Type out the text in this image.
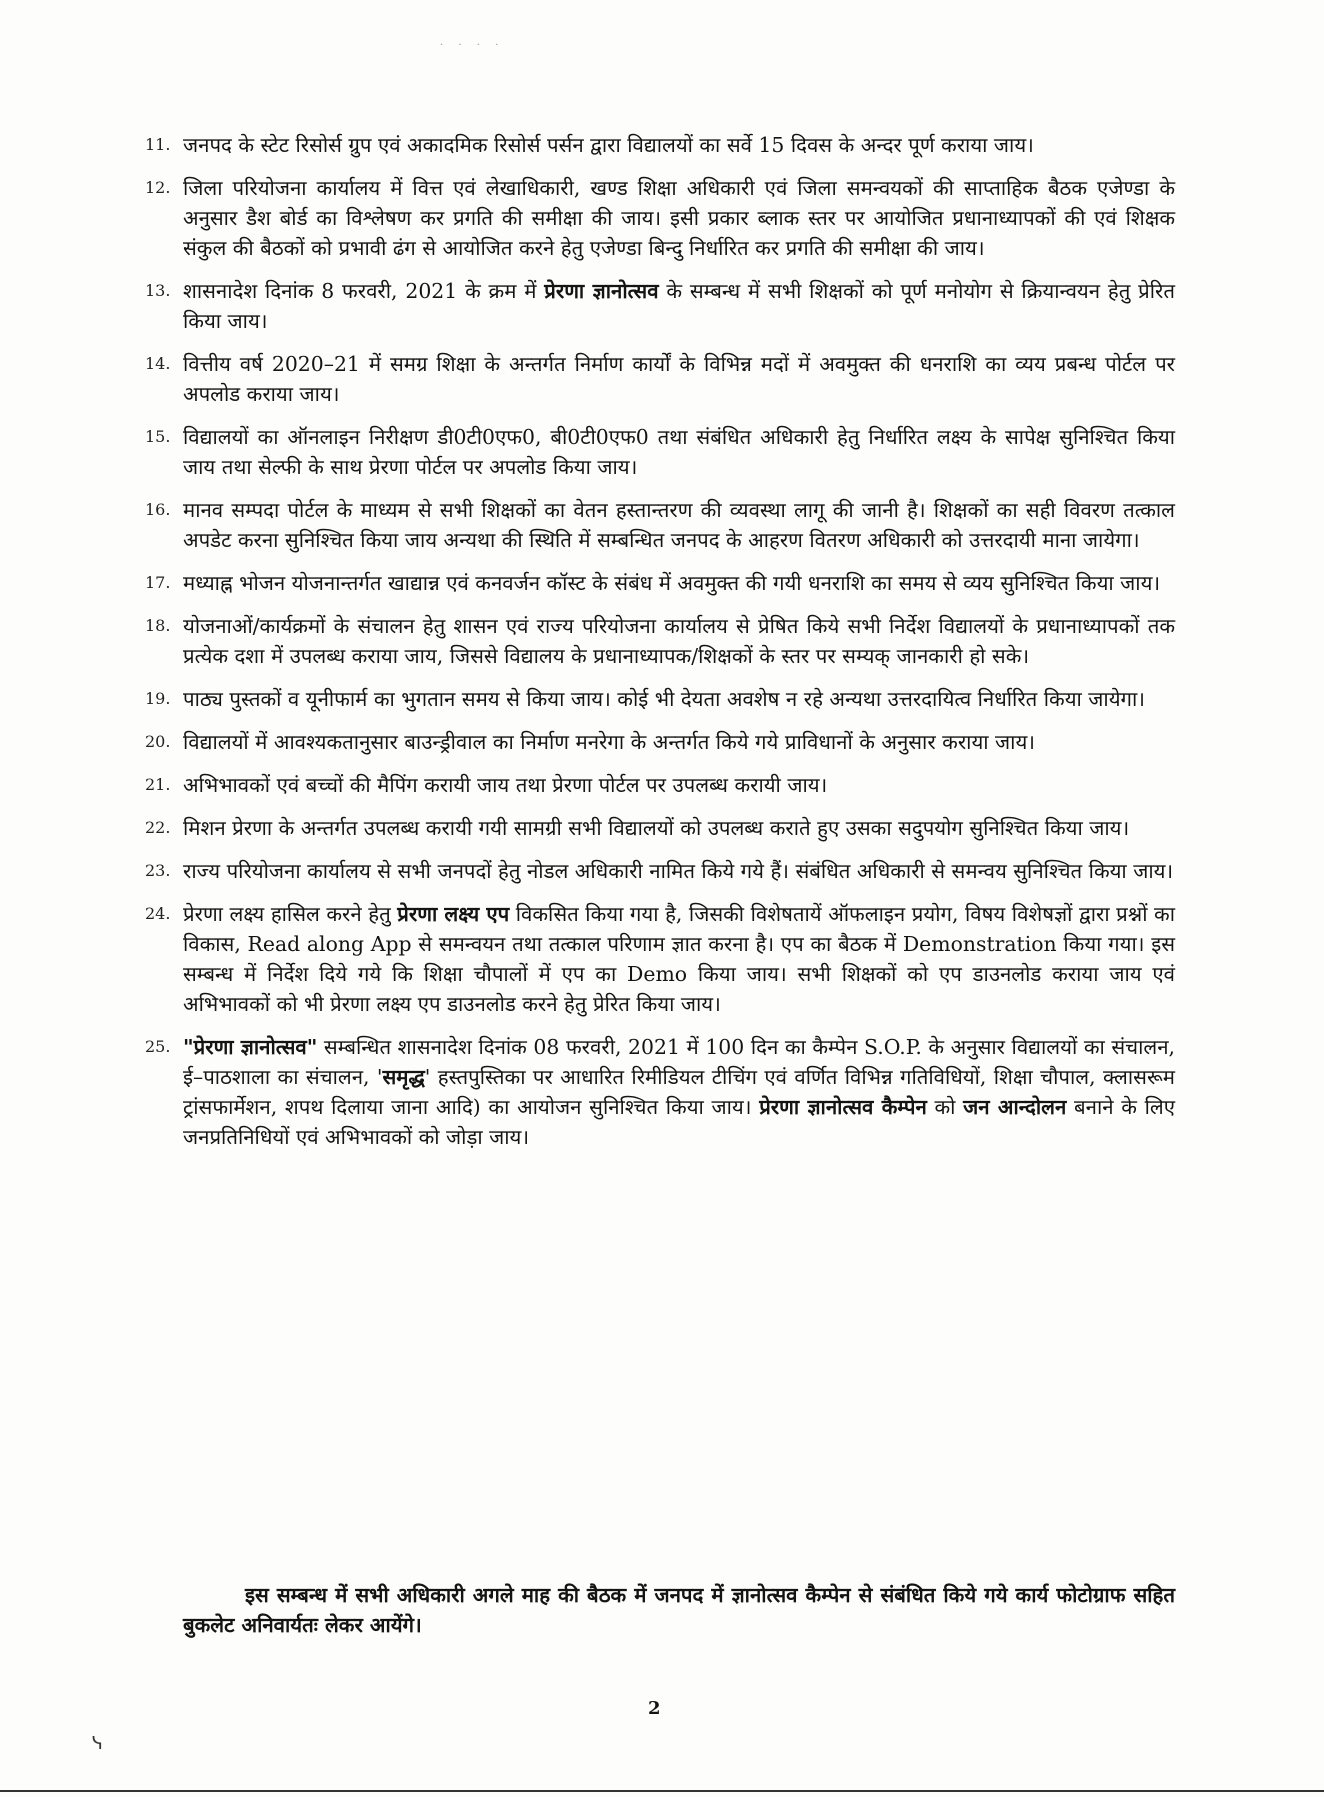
· · · ·
11. जनपद के स्टेट रिसोर्स ग्रुप एवं अकादमिक रिसोर्स पर्सन द्वारा विद्यालयों का सर्वे 15 दिवस के अन्दर पूर्ण कराया जाय।
12. जिला परियोजना कार्यालय में वित्त एवं लेखाधिकारी, खण्ड शिक्षा अधिकारी एवं जिला समन्वयकों की साप्ताहिक बैठक एजेण्डा के अनुसार डैश बोर्ड का विश्लेषण कर प्रगति की समीक्षा की जाय। इसी प्रकार ब्लाक स्तर पर आयोजित प्रधानाध्यापकों की एवं शिक्षक संकुल की बैठकों को प्रभावी ढंग से आयोजित करने हेतु एजेण्डा बिन्दु निर्धारित कर प्रगति की समीक्षा की जाय।
13. शासनादेश दिनांक 8 फरवरी, 2021 के क्रम में प्रेरणा ज्ञानोत्सव के सम्बन्ध में सभी शिक्षकों को पूर्ण मनोयोग से क्रियान्वयन हेतु प्रेरित किया जाय।
14. वित्तीय वर्ष 2020–21 में समग्र शिक्षा के अन्तर्गत निर्माण कार्यों के विभिन्न मदों में अवमुक्त की धनराशि का व्यय प्रबन्ध पोर्टल पर अपलोड कराया जाय।
15. विद्यालयों का ऑनलाइन निरीक्षण डी0टी0एफ0, बी0टी0एफ0 तथा संबंधित अधिकारी हेतु निर्धारित लक्ष्य के सापेक्ष सुनिश्चित किया जाय तथा सेल्फी के साथ प्रेरणा पोर्टल पर अपलोड किया जाय।
16. मानव सम्पदा पोर्टल के माध्यम से सभी शिक्षकों का वेतन हस्तान्तरण की व्यवस्था लागू की जानी है। शिक्षकों का सही विवरण तत्काल अपडेट करना सुनिश्चित किया जाय अन्यथा की स्थिति में सम्बन्धित जनपद के आहरण वितरण अधिकारी को उत्तरदायी माना जायेगा।
17. मध्याह्न भोजन योजनान्तर्गत खाद्यान्न एवं कनवर्जन कॉस्ट के संबंध में अवमुक्त की गयी धनराशि का समय से व्यय सुनिश्चित किया जाय।
18. योजनाओं/कार्यक्रमों के संचालन हेतु शासन एवं राज्य परियोजना कार्यालय से प्रेषित किये सभी निर्देश विद्यालयों के प्रधानाध्यापकों तक प्रत्येक दशा में उपलब्ध कराया जाय, जिससे विद्यालय के प्रधानाध्यापक/शिक्षकों के स्तर पर सम्यक् जानकारी हो सके।
19. पाठ्य पुस्तकों व यूनीफार्म का भुगतान समय से किया जाय। कोई भी देयता अवशेष न रहे अन्यथा उत्तरदायित्व निर्धारित किया जायेगा।
20. विद्यालयों में आवश्यकतानुसार बाउन्ड्रीवाल का निर्माण मनरेगा के अन्तर्गत किये गये प्राविधानों के अनुसार कराया जाय।
21. अभिभावकों एवं बच्चों की मैपिंग करायी जाय तथा प्रेरणा पोर्टल पर उपलब्ध करायी जाय।
22. मिशन प्रेरणा के अन्तर्गत उपलब्ध करायी गयी सामग्री सभी विद्यालयों को उपलब्ध कराते हुए उसका सदुपयोग सुनिश्चित किया जाय।
23. राज्य परियोजना कार्यालय से सभी जनपदों हेतु नोडल अधिकारी नामित किये गये हैं। संबंधित अधिकारी से समन्वय सुनिश्चित किया जाय।
24. प्रेरणा लक्ष्य हासिल करने हेतु प्रेरणा लक्ष्य एप विकसित किया गया है, जिसकी विशेषतायें ऑफलाइन प्रयोग, विषय विशेषज्ञों द्वारा प्रश्नों का विकास, Read along App से समन्वयन तथा तत्काल परिणाम ज्ञात करना है। एप का बैठक में Demonstration किया गया। इस सम्बन्ध में निर्देश दिये गये कि शिक्षा चौपालों में एप का Demo किया जाय। सभी शिक्षकों को एप डाउनलोड कराया जाय एवं अभिभावकों को भी प्रेरणा लक्ष्य एप डाउनलोड करने हेतु प्रेरित किया जाय।
25. "प्रेरणा ज्ञानोत्सव" सम्बन्धित शासनादेश दिनांक 08 फरवरी, 2021 में 100 दिन का कैम्पेन S.O.P. के अनुसार विद्यालयों का संचालन, ई–पाठशाला का संचालन, 'समृद्ध' हस्तपुस्तिका पर आधारित रिमीडियल टीचिंग एवं वर्णित विभिन्न गतिविधियों, शिक्षा चौपाल, क्लासरूम ट्रांसफार्मेशन, शपथ दिलाया जाना आदि) का आयोजन सुनिश्चित किया जाय। प्रेरणा ज्ञानोत्सव कैम्पेन को जन आन्दोलन बनाने के लिए जनप्रतिनिधियों एवं अभिभावकों को जोड़ा जाय।
इस सम्बन्ध में सभी अधिकारी अगले माह की बैठक में जनपद में ज्ञानोत्सव कैम्पेन से संबंधित किये गये कार्य फोटोग्राफ सहित बुकलेट अनिवार्यतः लेकर आयेंगे।
2
ᓭ
